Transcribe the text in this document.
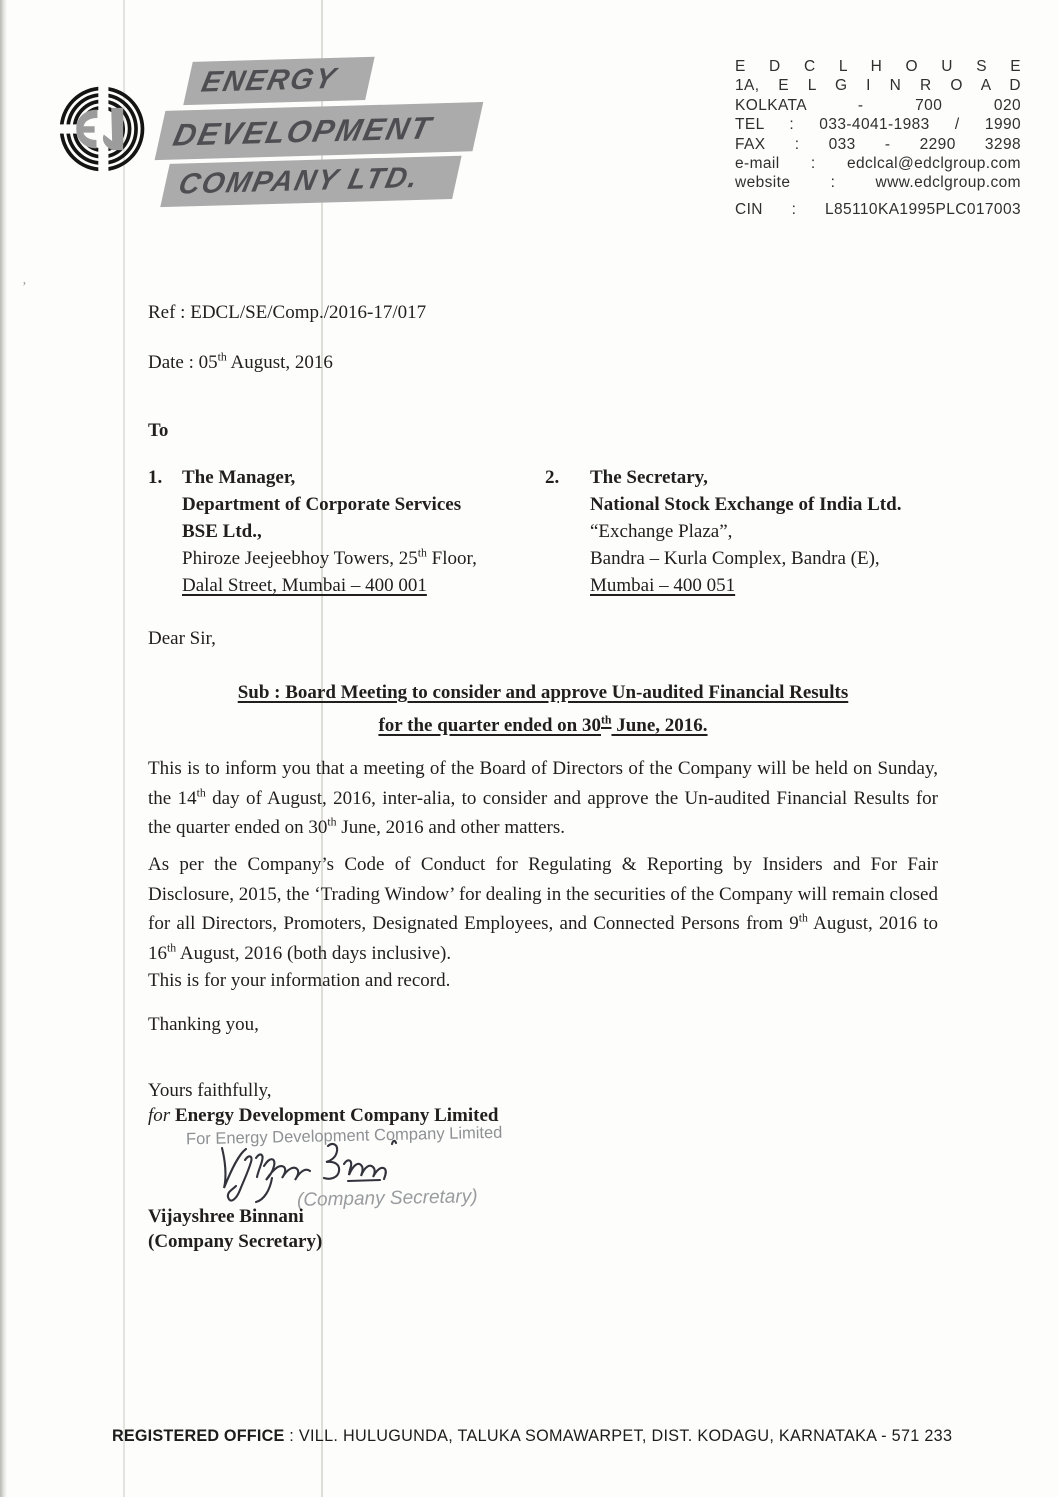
’
ENERGY
DEVELOPMENT
COMPANY LTD.
E D C L H O U S E
1A, E L G I N R O A D
KOLKATA - 700 020
TEL : 033-4041-1983 / 1990
FAX : 033 - 2290 3298
e-mail : edclcal@edclgroup.com
website : www.edclgroup.com
CIN : L85110KA1995PLC017003
Ref : EDCL/SE/Comp./2016-17/017
Date : 05th August, 2016
To
1. The Manager,
Department of Corporate Services
BSE Ltd.,
Phiroze Jeejeebhoy Towers, 25th Floor,
Dalal Street, Mumbai – 400 001
2. The Secretary,
National Stock Exchange of India Ltd.
“Exchange Plaza”,
Bandra – Kurla Complex, Bandra (E),
Mumbai – 400 051
Dear Sir,
Sub : Board Meeting to consider and approve Un-audited Financial Results
for the quarter ended on 30th June, 2016.
This is to inform you that a meeting of the Board of Directors of the Company will be held on Sunday, the 14th day of August, 2016, inter-alia, to consider and approve the Un-audited Financial Results for the quarter ended on 30th June, 2016 and other matters.
As per the Company’s Code of Conduct for Regulating & Reporting by Insiders and For Fair Disclosure, 2015, the ‘Trading Window’ for dealing in the securities of the Company will remain closed for all Directors, Promoters, Designated Employees, and Connected Persons from 9th August, 2016 to 16th August, 2016 (both days inclusive).
This is for your information and record.
Thanking you,
Yours faithfully,
for Energy Development Company Limited
For Energy Development Company Limited
(Company Secretary)
Vijayshree Binnani
(Company Secretary)
REGISTERED OFFICE : VILL. HULUGUNDA, TALUKA SOMAWARPET, DIST. KODAGU, KARNATAKA - 571 233
